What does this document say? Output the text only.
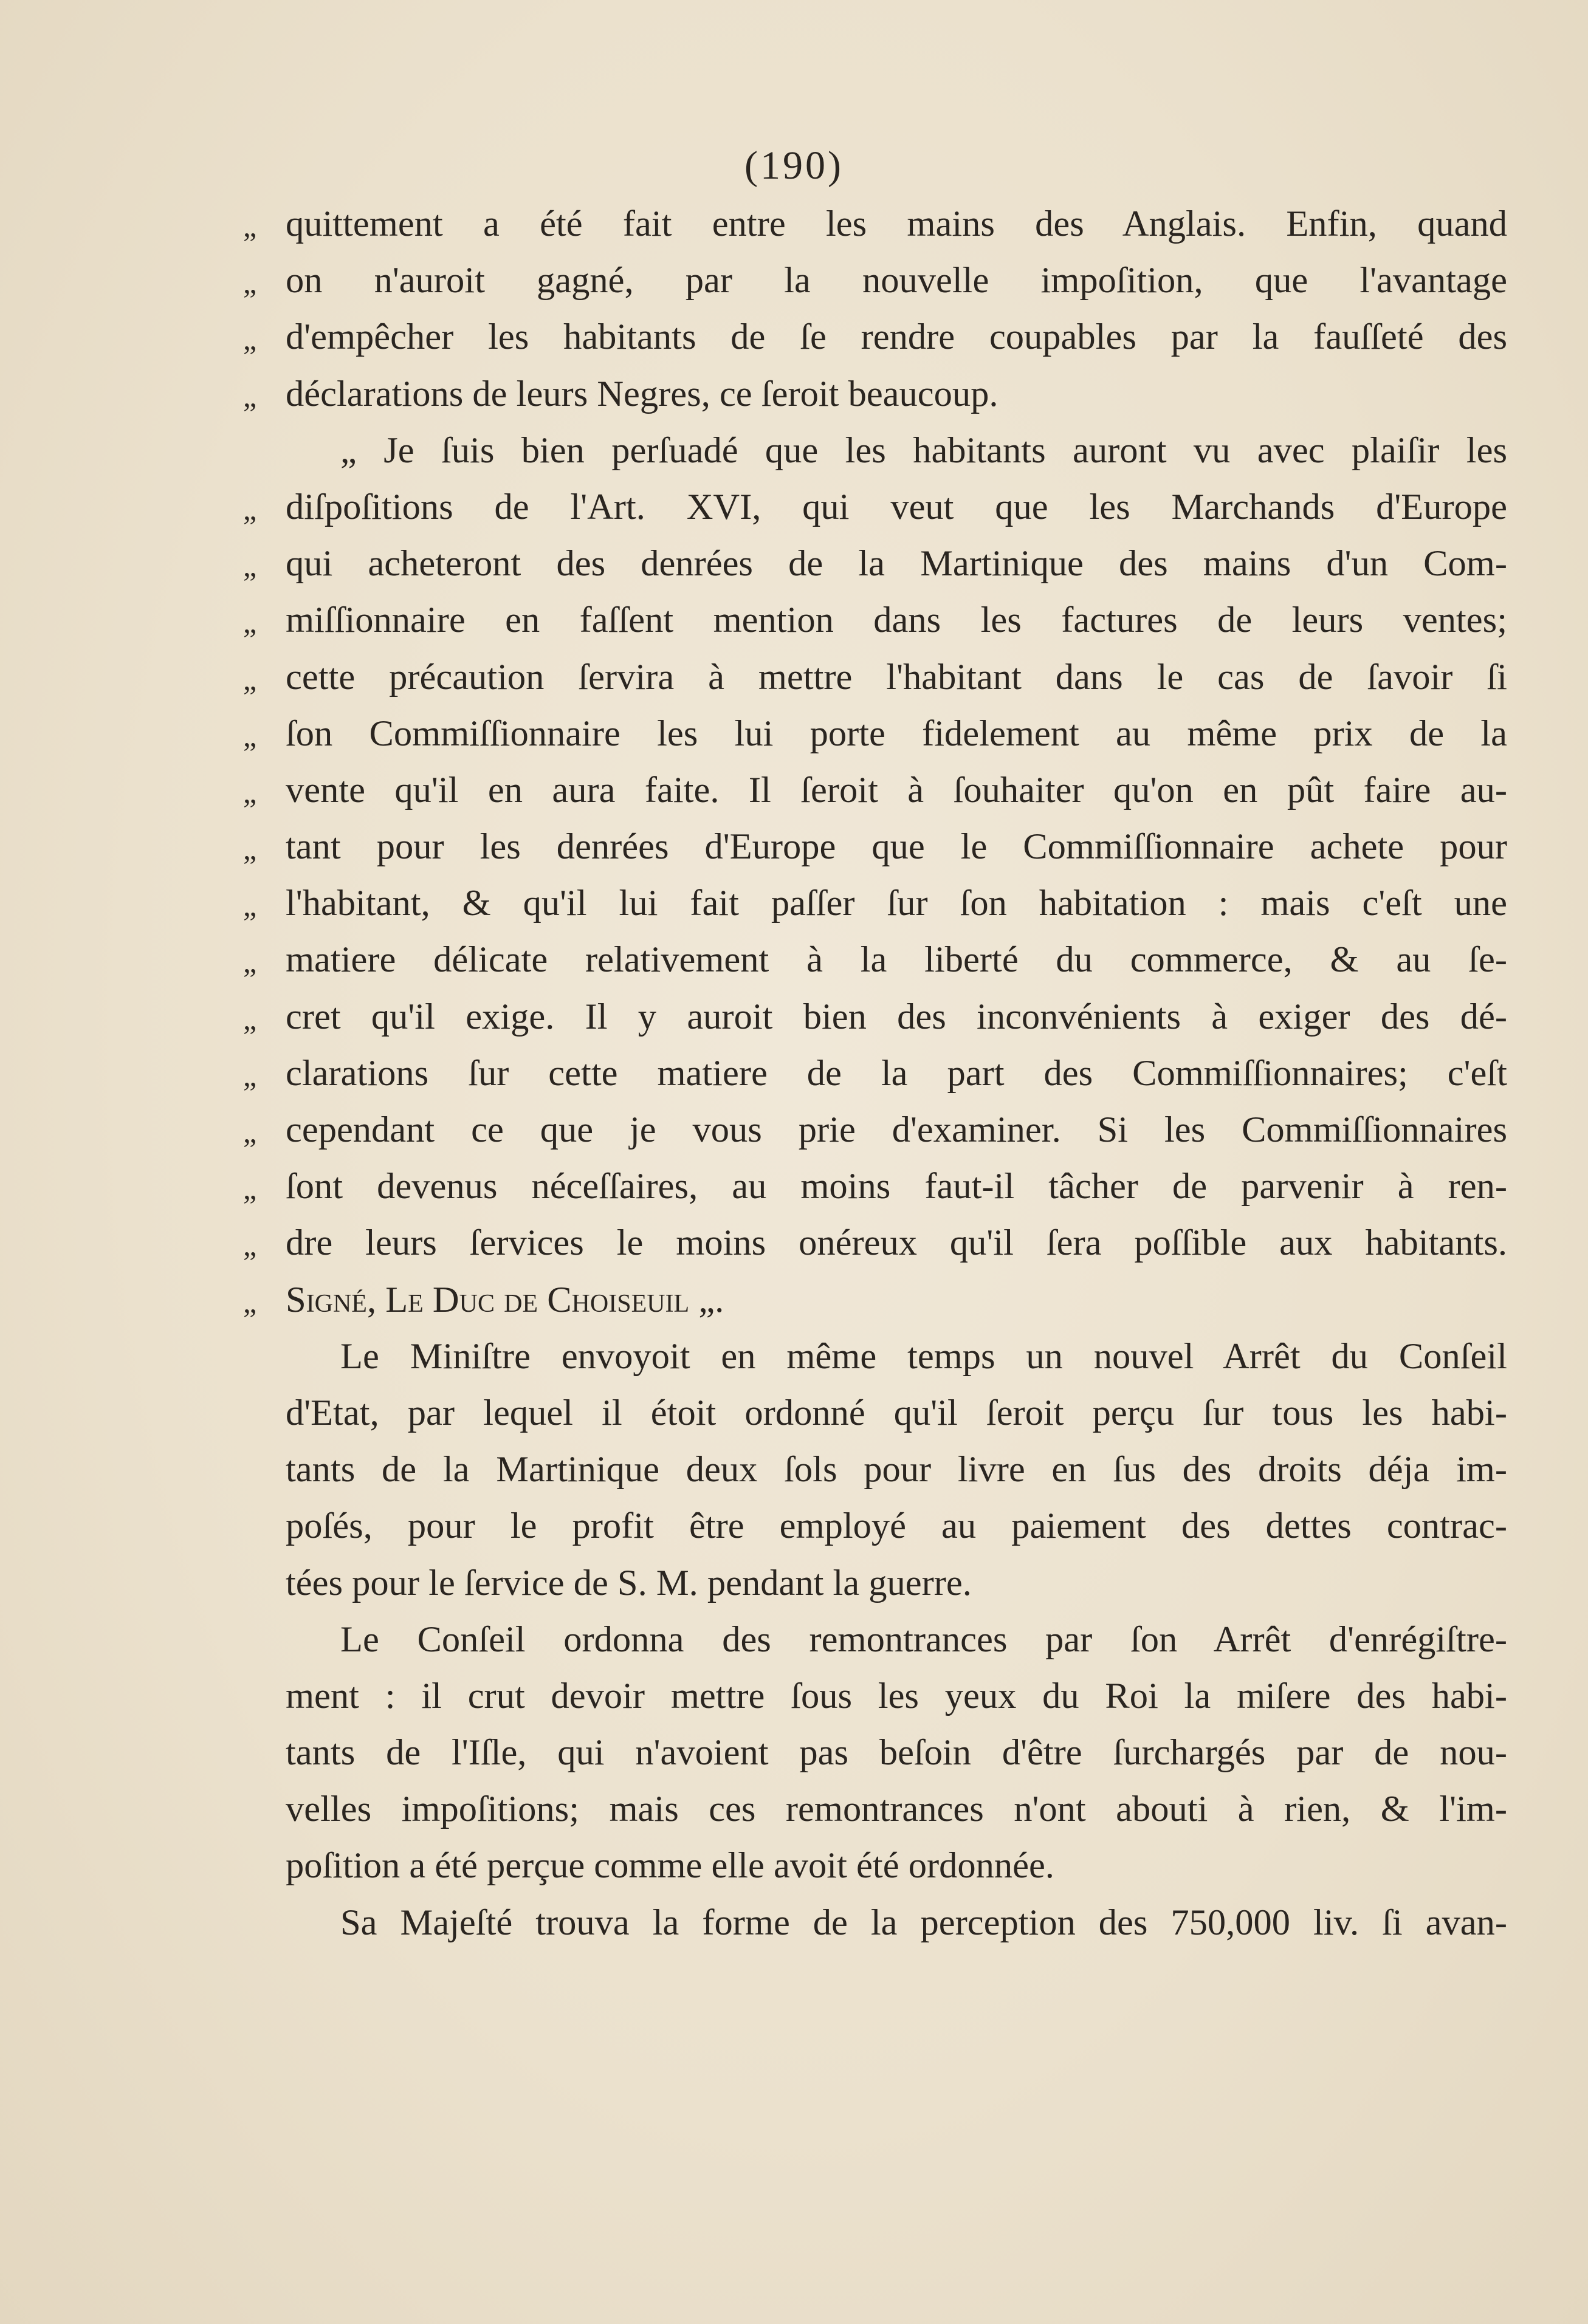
(190)
„ quittement a été fait entre les mains des Anglais. Enfin, quand
„ on n'auroit gagné, par la nouvelle impoſition, que l'avantage
„ d'empêcher les habitants de ſe rendre coupables par la fauſſeté des
„ déclarations de leurs Negres, ce ſeroit beaucoup.
„ Je ſuis bien perſuadé que les habitants auront vu avec plaiſir les
„ diſpoſitions de l'Art. XVI, qui veut que les Marchands d'Europe
„ qui acheteront des denrées de la Martinique des mains d'un Com-
„ miſſionnaire en faſſent mention dans les factures de leurs ventes;
„ cette précaution ſervira à mettre l'habitant dans le cas de ſavoir ſi
„ ſon Commiſſionnaire les lui porte fidelement au même prix de la
„ vente qu'il en aura faite. Il ſeroit à ſouhaiter qu'on en pût faire au-
„ tant pour les denrées d'Europe que le Commiſſionnaire achete pour
„ l'habitant, & qu'il lui fait paſſer ſur ſon habitation : mais c'eſt une
„ matiere délicate relativement à la liberté du commerce, & au ſe-
„ cret qu'il exige. Il y auroit bien des inconvénients à exiger des dé-
„ clarations ſur cette matiere de la part des Commiſſionnaires; c'eſt
„ cependant ce que je vous prie d'examiner. Si les Commiſſionnaires
„ ſont devenus néceſſaires, au moins faut-il tâcher de parvenir à ren-
„ dre leurs ſervices le moins onéreux qu'il ſera poſſible aux habitants.
„ Signé, Le Duc de Choiseuil „.
Le Miniſtre envoyoit en même temps un nouvel Arrêt du Conſeil
d'Etat, par lequel il étoit ordonné qu'il ſeroit perçu ſur tous les habi-
tants de la Martinique deux ſols pour livre en ſus des droits déja im-
poſés, pour le profit être employé au paiement des dettes contrac-
tées pour le ſervice de S. M. pendant la guerre.
Le Conſeil ordonna des remontrances par ſon Arrêt d'enrégiſtre-
ment : il crut devoir mettre ſous les yeux du Roi la miſere des habi-
tants de l'Iſle, qui n'avoient pas beſoin d'être ſurchargés par de nou-
velles impoſitions; mais ces remontrances n'ont abouti à rien, & l'im-
poſition a été perçue comme elle avoit été ordonnée.
Sa Majeſté trouva la forme de la perception des 750,000 liv. ſi avan-
